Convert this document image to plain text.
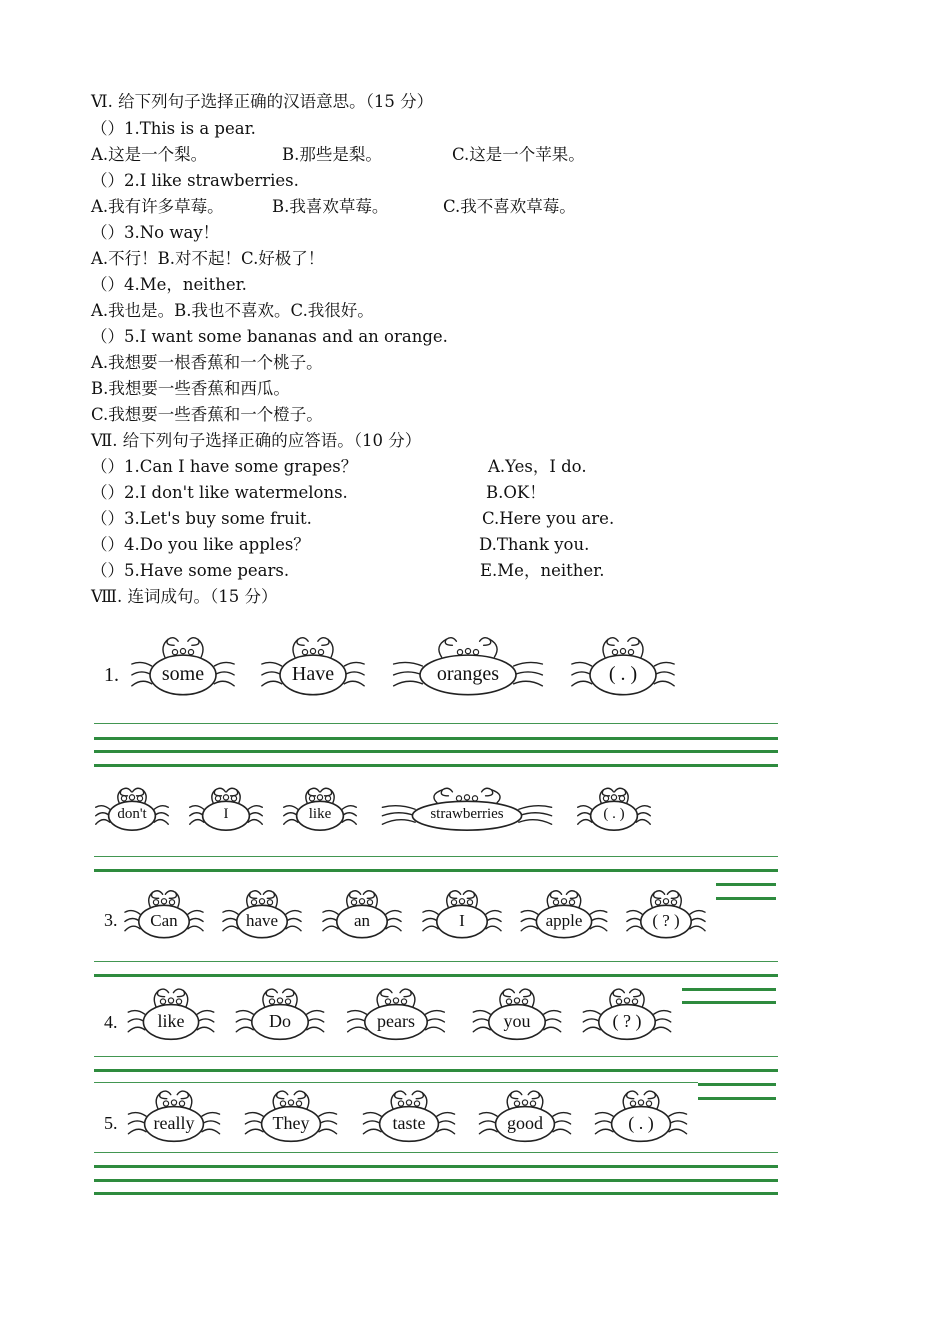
Ⅵ. 给下列句子选择正确的汉语意思。（15 分）
（）1.This is a pear.
A.这是一个梨。	B.那些是梨。	C.这是一个苹果。
（）2.I like strawberries.
A.我有许多草莓。	B.我喜欢草莓。	C.我不喜欢草莓。
（）3.No way！
A.不行！B.对不起！C.好极了！
（）4.Me，neither.
A.我也是。B.我也不喜欢。C.我很好。
（）5.I want some bananas and an orange.
A.我想要一根香蕉和一个桃子。
B.我想要一些香蕉和西瓜。
C.我想要一些香蕉和一个橙子。
Ⅶ. 给下列句子选择正确的应答语。（10 分）
（）1.Can I have some grapes？	A.Yes，I do.
（）2.I don't like watermelons.	B.OK！
（）3.Let's buy some fruit.	C.Here you are.
（）4.Do you like apples？	D.Thank you.
（）5.Have some pears.	E.Me，neither.
Ⅷ. 连词成句。（15 分）
1.
3.
4.
5.
some	Have	oranges	( . )
don't	I	like	strawberries	( . )
Can	have	an	I	apple	( ? )
like	Do	pears	you	( ? )
really	They	taste	good	( . )
